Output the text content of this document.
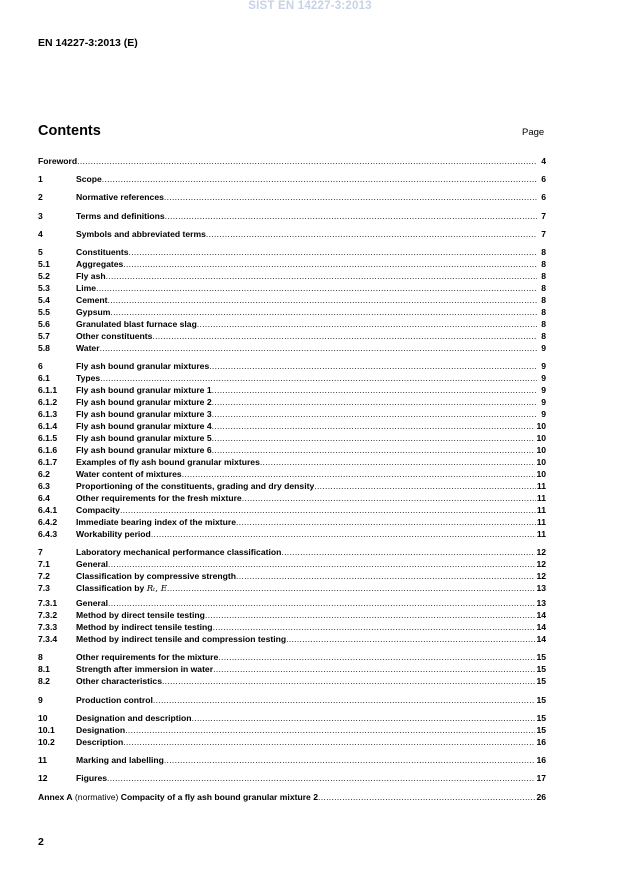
SIST EN 14227-3:2013
EN 14227-3:2013 (E)
Contents	Page
Foreword .....	4
1	Scope .....	6
2	Normative references .....	6
3	Terms and definitions .....	7
4	Symbols and abbreviated terms .....	7
5	Constituents .....	8
5.1	Aggregates .....	8
5.2	Fly ash .....	8
5.3	Lime .....	8
5.4	Cement .....	8
5.5	Gypsum .....	8
5.6	Granulated blast furnace slag .....	8
5.7	Other constituents .....	8
5.8	Water .....	9
6	Fly ash bound granular mixtures .....	9
6.1	Types .....	9
6.1.1 Fly ash bound granular mixture 1 .....	9
6.1.2 Fly ash bound granular mixture 2 .....	9
6.1.3 Fly ash bound granular mixture 3 .....	9
6.1.4 Fly ash bound granular mixture 4 .....	10
6.1.5 Fly ash bound granular mixture 5 .....	10
6.1.6 Fly ash bound granular mixture 6 .....	10
6.1.7 Examples of fly ash bound granular mixtures .....	10
6.2	Water content of mixtures .....	10
6.3	Proportioning of the constituents, grading and dry density .....	11
6.4	Other requirements for the fresh mixture .....	11
6.4.1 Compacity .....	11
6.4.2 Immediate bearing index of the mixture .....	11
6.4.3 Workability period .....	11
7	Laboratory mechanical performance classification .....	12
7.1	General .....	12
7.2	Classification by compressive strength .....	12
7.3	Classification by Rₜ, E .....	13
7.3.1 General .....	13
7.3.2 Method by direct tensile testing .....	14
7.3.3 Method by indirect tensile testing .....	14
7.3.4 Method by indirect tensile and compression testing .....	14
8	Other requirements for the mixture .....	15
8.1	Strength after immersion in water .....	15
8.2	Other characteristics .....	15
9	Production control .....	15
10	Designation and description .....	15
10.1 Designation .....	15
10.2 Description .....	16
11	Marking and labelling .....	16
12	Figures .....	17
Annex A (normative) Compacity of a fly ash bound granular mixture 2 .....	26
2
